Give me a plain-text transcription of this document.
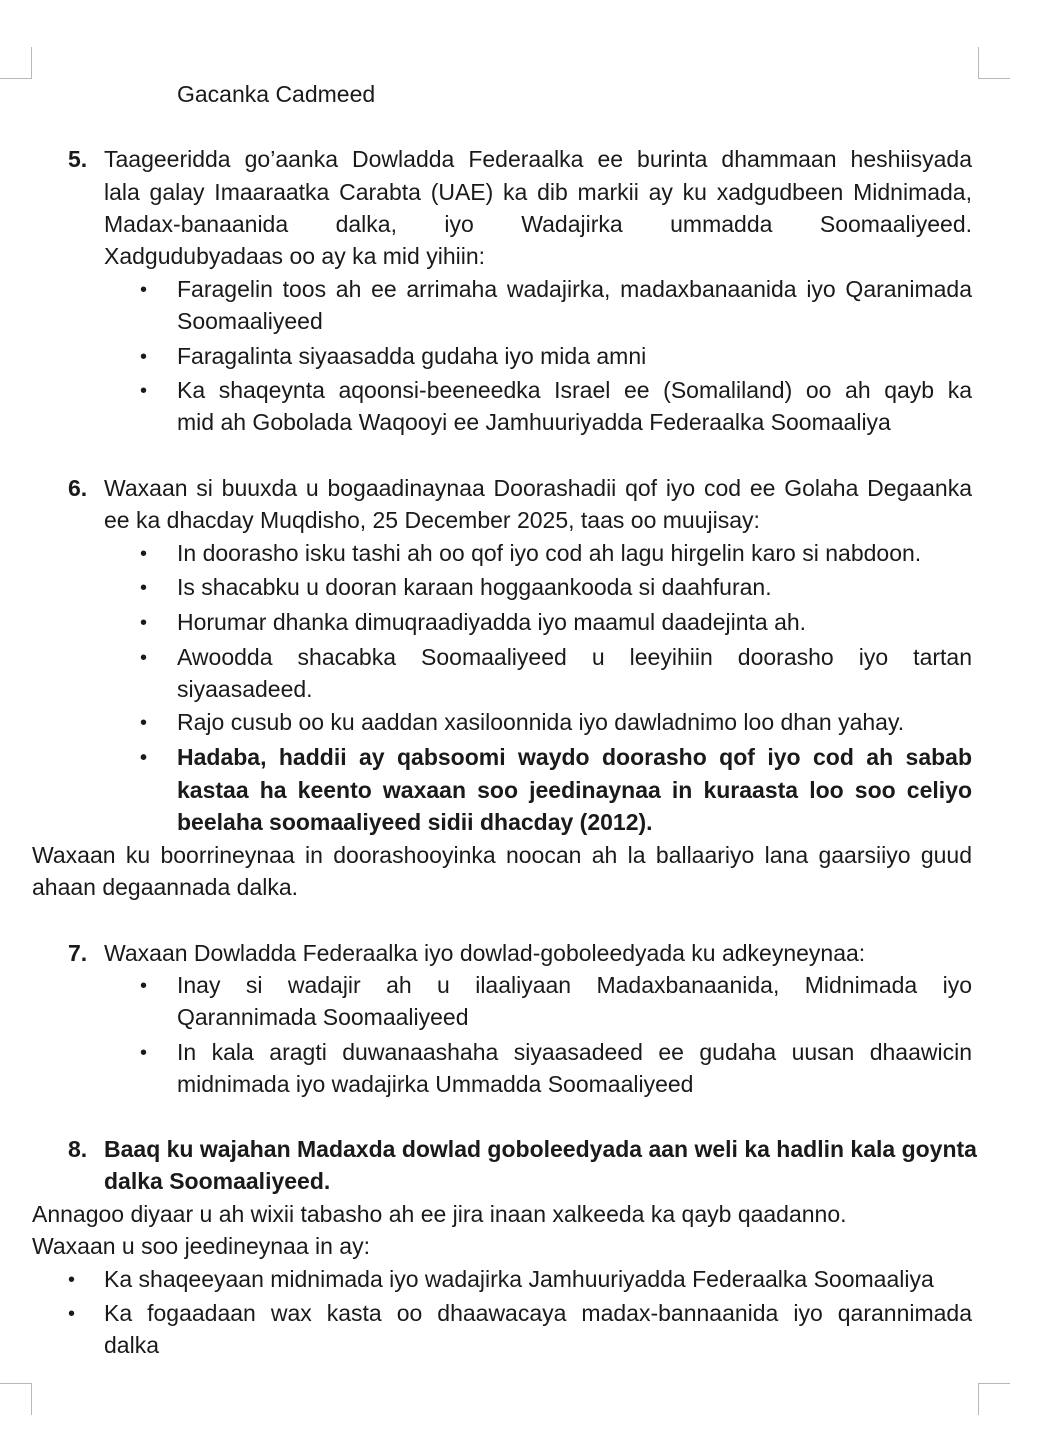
Gacanka Cadmeed
5. Taageeridda go’aanka Dowladda Federaalka ee burinta dhammaan heshiisyada
lala galay Imaaraatka Carabta (UAE) ka dib markii ay ku xadgudbeen Midnimada,
Madax-banaanida dalka, iyo Wadajirka ummadda Soomaaliyeed.
Xadgudubyadaas oo ay ka mid yihiin:
• Faragelin toos ah ee arrimaha wadajirka, madaxbanaanida iyo Qaranimada
Soomaaliyeed
• Faragalinta siyaasadda gudaha iyo mida amni
• Ka shaqeynta aqoonsi-beeneedka Israel ee (Somaliland) oo ah qayb ka
mid ah Gobolada Waqooyi ee Jamhuuriyadda Federaalka Soomaaliya
6. Waxaan si buuxda u bogaadinaynaa Doorashadii qof iyo cod ee Golaha Degaanka
ee ka dhacday Muqdisho, 25 December 2025, taas oo muujisay:
• In doorasho isku tashi ah oo qof iyo cod ah lagu hirgelin karo si nabdoon.
• Is shacabku u dooran karaan hoggaankooda si daahfuran.
• Horumar dhanka dimuqraadiyadda iyo maamul daadejinta ah.
• Awoodda shacabka Soomaaliyeed u leeyihiin doorasho iyo tartan
siyaasadeed.
• Rajo cusub oo ku aaddan xasiloonnida iyo dawladnimo loo dhan yahay.
• Hadaba, haddii ay qabsoomi waydo doorasho qof iyo cod ah sabab
kastaa ha keento waxaan soo jeedinaynaa in kuraasta loo soo celiyo
beelaha soomaaliyeed sidii dhacday (2012).
Waxaan ku boorrineynaa in doorashooyinka noocan ah la ballaariyo lana gaarsiiyo guud
ahaan degaannada dalka.
7. Waxaan Dowladda Federaalka iyo dowlad-goboleedyada ku adkeyneynaa:
• Inay si wadajir ah u ilaaliyaan Madaxbanaanida, Midnimada iyo
Qarannimada Soomaaliyeed
• In kala aragti duwanaashaha siyaasadeed ee gudaha uusan dhaawicin
midnimada iyo wadajirka Ummadda Soomaaliyeed
8. Baaq ku wajahan Madaxda dowlad goboleedyada aan weli ka hadlin kala goynta
dalka Soomaaliyeed.
Annagoo diyaar u ah wixii tabasho ah ee jira inaan xalkeeda ka qayb qaadanno.
Waxaan u soo jeedineynaa in ay:
• Ka shaqeeyaan midnimada iyo wadajirka Jamhuuriyadda Federaalka Soomaaliya
• Ka fogaadaan wax kasta oo dhaawacaya madax-bannaanida iyo qarannimada
dalka
